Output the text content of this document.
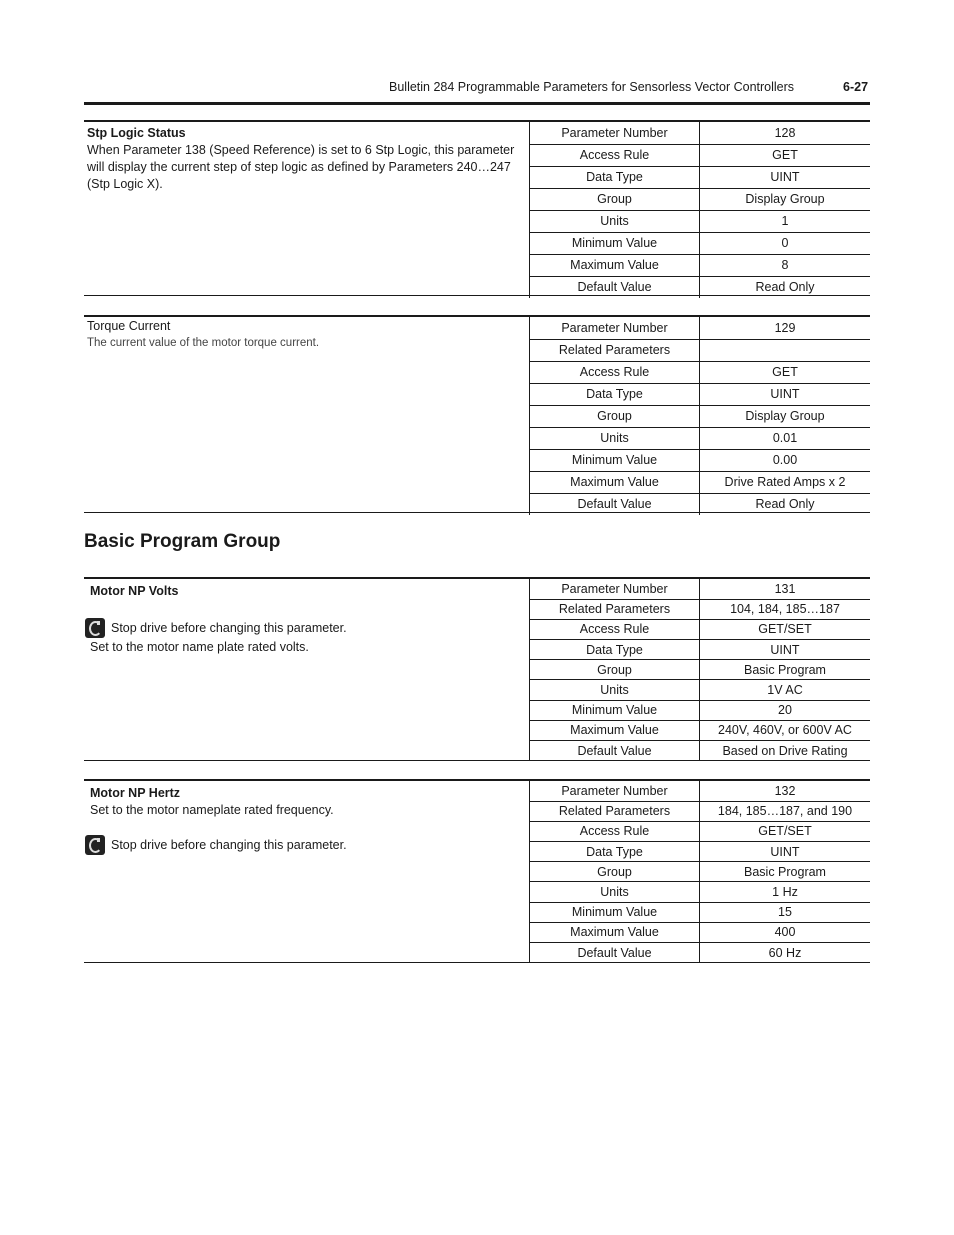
Bulletin 284 Programmable Parameters for Sensorless Vector Controllers	6-27
Stp Logic Status
When Parameter 138 (Speed Reference) is set to 6 Stp Logic, this parameter will display the current step of step logic as defined by Parameters 240…247 (Stp Logic X).
Parameter Number	128
Access Rule	GET
Data Type	UINT
Group	Display Group
Units	1
Minimum Value	0
Maximum Value	8
Default Value	Read Only
Torque Current
The current value of the motor torque current.
Parameter Number	129
Related Parameters	
Access Rule	GET
Data Type	UINT
Group	Display Group
Units	0.01
Minimum Value	0.00
Maximum Value	Drive Rated Amps x 2
Default Value	Read Only
Basic Program Group
Motor NP Volts
Stop drive before changing this parameter.
Set to the motor name plate rated volts.
Parameter Number	131
Related Parameters	104, 184, 185…187
Access Rule	GET/SET
Data Type	UINT
Group	Basic Program
Units	1V AC
Minimum Value	20
Maximum Value	240V, 460V, or 600V AC
Default Value	Based on Drive Rating
Motor NP Hertz
Set to the motor nameplate rated frequency.
Stop drive before changing this parameter.
Parameter Number	132
Related Parameters	184, 185…187, and 190
Access Rule	GET/SET
Data Type	UINT
Group	Basic Program
Units	1 Hz
Minimum Value	15
Maximum Value	400
Default Value	60 Hz
